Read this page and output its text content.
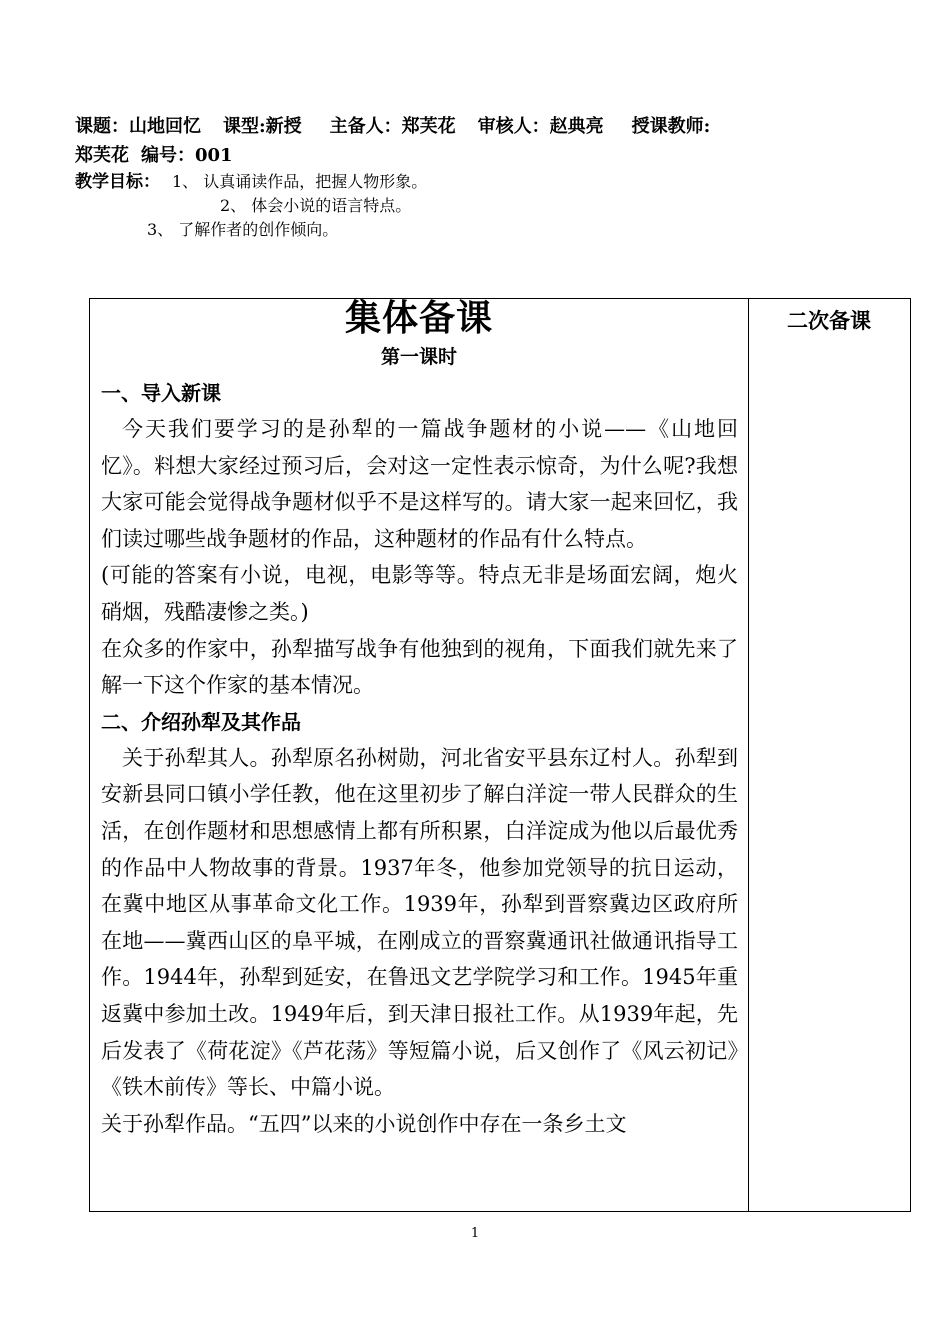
课题：山地回忆 课型:新授 主备人：郑芙花 审核人：赵典亮 授课教师:
郑芙花 编号：001
教学目标： 1、 认真诵读作品，把握人物形象。
2、 体会小说的语言特点。
3、 了解作者的创作倾向。
集体备课
第一课时
一、导入新课

今天我们要学习的是孙犁的一篇战争题材的小说——《山地回忆》。料想大家经过预习后，会对这一定性表示惊奇，为什么呢?我想大家可能会觉得战争题材似乎不是这样写的。请大家一起来回忆，我们读过哪些战争题材的作品，这种题材的作品有什么特点。

(可能的答案有小说，电视，电影等等。特点无非是场面宏阔，炮火硝烟，残酷凄惨之类。)

在众多的作家中，孙犁描写战争有他独到的视角，下面我们就先来了解一下这个作家的基本情况。

二、介绍孙犁及其作品

关于孙犁其人。孙犁原名孙树勋，河北省安平县东辽村人。孙犁到安新县同口镇小学任教，他在这里初步了解白洋淀一带人民群众的生活，在创作题材和思想感情上都有所积累，白洋淀成为他以后最优秀的作品中人物故事的背景。1937年冬，他参加党领导的抗日运动，在冀中地区从事革命文化工作。1939年，孙犁到晋察冀边区政府所在地——冀西山区的阜平城，在刚成立的晋察冀通讯社做通讯指导工作。1944年，孙犁到延安，在鲁迅文艺学院学习和工作。1945年重返冀中参加土改。1949年后，到天津日报社工作。从1939年起，先后发表了《荷花淀》《芦花荡》等短篇小说，后又创作了《风云初记》《铁木前传》等长、中篇小说。

关于孙犁作品。“五四”以来的小说创作中存在一条乡土文

二次备课
1
